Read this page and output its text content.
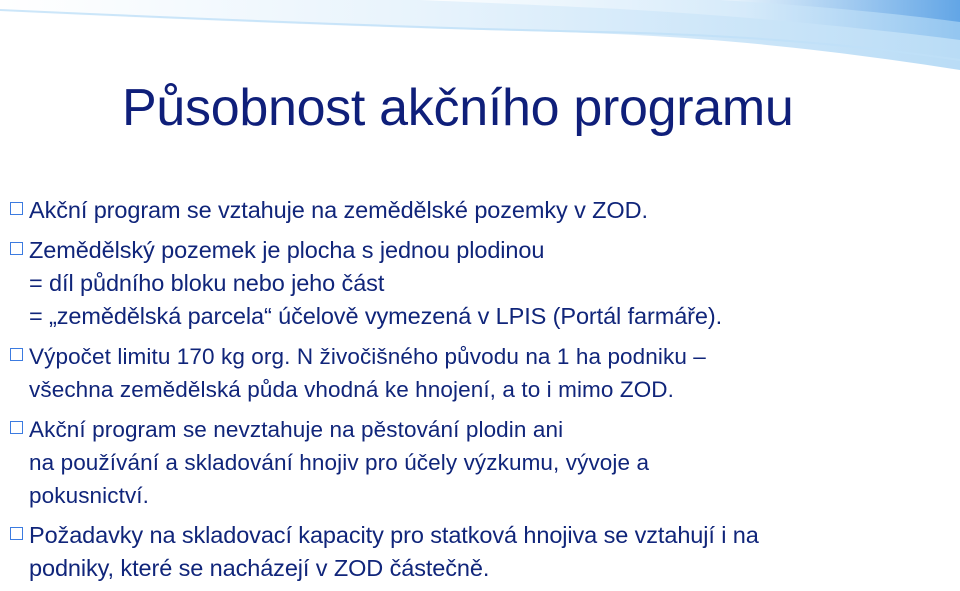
Působnost akčního programu
Akční program se vztahuje na zemědělské pozemky v ZOD.
Zemědělský pozemek je plocha s jednou plodinou
= díl půdního bloku nebo jeho část
= „zemědělská parcela“ účelově vymezená v LPIS (Portál farmáře).
Výpočet limitu 170 kg org. N živočišného původu na 1 ha podniku –
všechna zemědělská půda vhodná ke hnojení, a to i mimo ZOD.
Akční program se nevztahuje na pěstování plodin ani
na používání a skladování hnojiv pro účely výzkumu, vývoje a
pokusnictví.
Požadavky na skladovací kapacity pro statková hnojiva se vztahují i na
podniky, které se nacházejí v ZOD částečně.
